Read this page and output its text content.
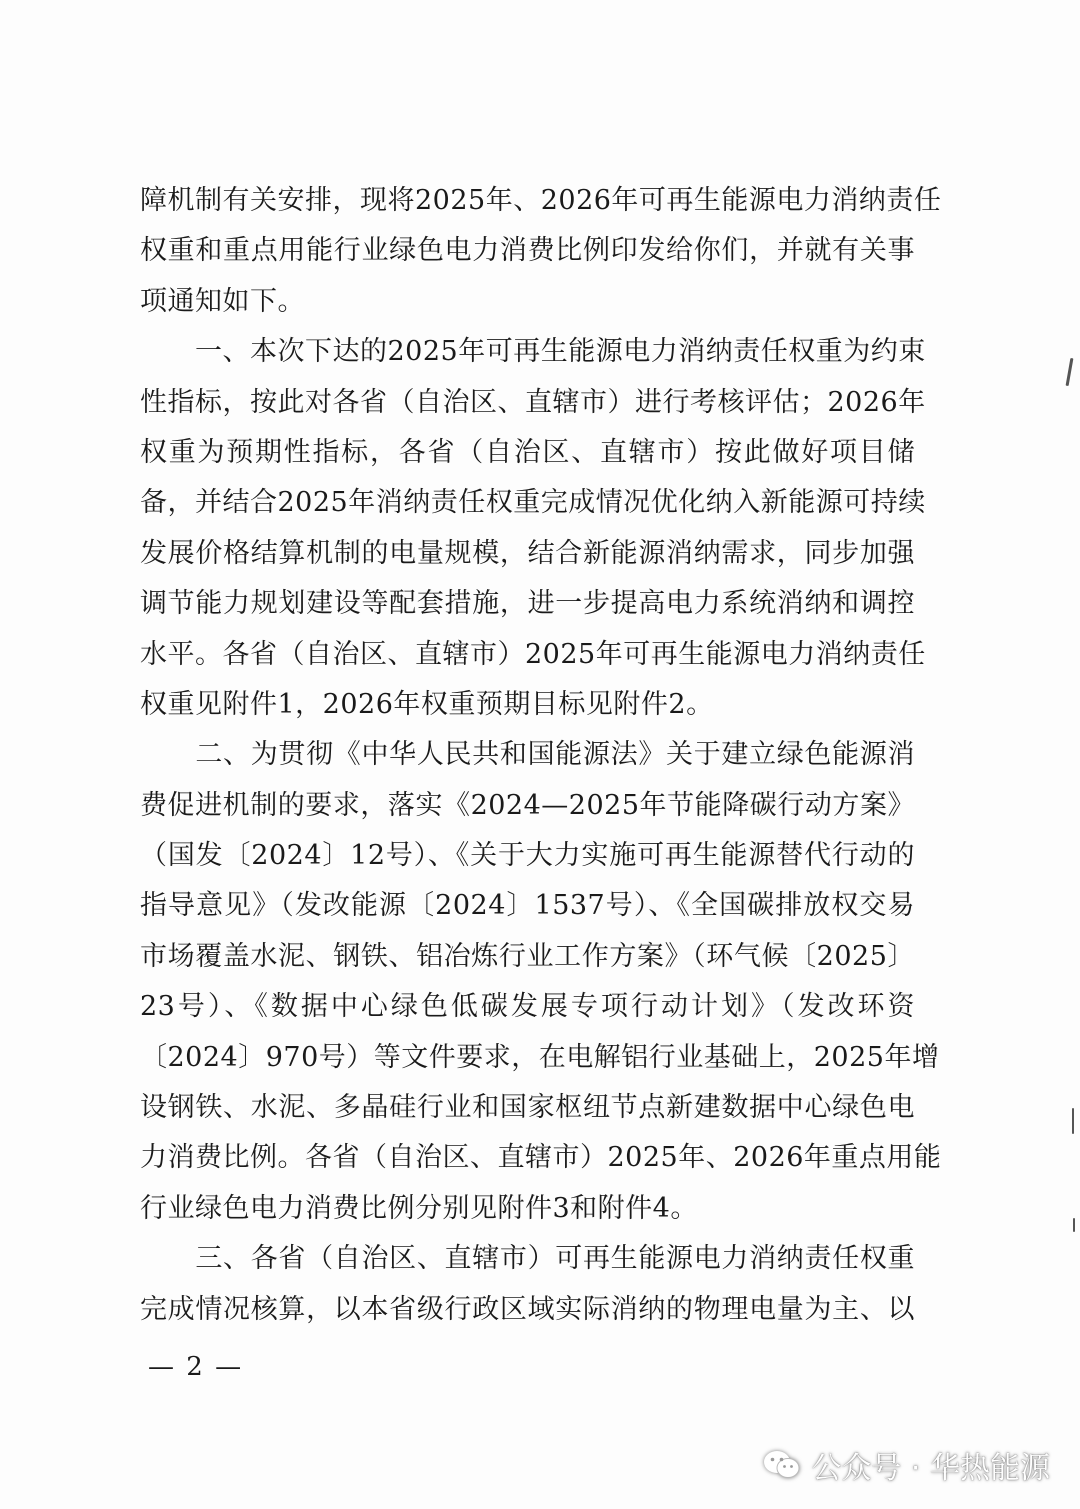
障机制有关安排，现将2025年、2026年可再生能源电力消纳责任
权重和重点用能行业绿色电力消费比例印发给你们，并就有关事
项通知如下。
　　一、本次下达的2025年可再生能源电力消纳责任权重为约束
性指标，按此对各省（自治区、直辖市）进行考核评估；2026年
权重为预期性指标，各省（自治区、直辖市）按此做好项目储
备，并结合2025年消纳责任权重完成情况优化纳入新能源可持续
发展价格结算机制的电量规模，结合新能源消纳需求，同步加强
调节能力规划建设等配套措施，进一步提高电力系统消纳和调控
水平。各省（自治区、直辖市）2025年可再生能源电力消纳责任
权重见附件1，2026年权重预期目标见附件2。
　　二、为贯彻《中华人民共和国能源法》关于建立绿色能源消
费促进机制的要求，落实《2024—2025年节能降碳行动方案》
（国发〔2024〕12号）、《关于大力实施可再生能源替代行动的
指导意见》（发改能源〔2024〕1537号）、《全国碳排放权交易
市场覆盖水泥、钢铁、铝冶炼行业工作方案》（环气候〔2025〕
23号）、《数据中心绿色低碳发展专项行动计划》（发改环资
〔2024〕970号）等文件要求，在电解铝行业基础上，2025年增
设钢铁、水泥、多晶硅行业和国家枢纽节点新建数据中心绿色电
力消费比例。各省（自治区、直辖市）2025年、2026年重点用能
行业绿色电力消费比例分别见附件3和附件4。
　　三、各省（自治区、直辖市）可再生能源电力消纳责任权重
完成情况核算，以本省级行政区域实际消纳的物理电量为主、以
— 2 —
公众号 · 华热能源
